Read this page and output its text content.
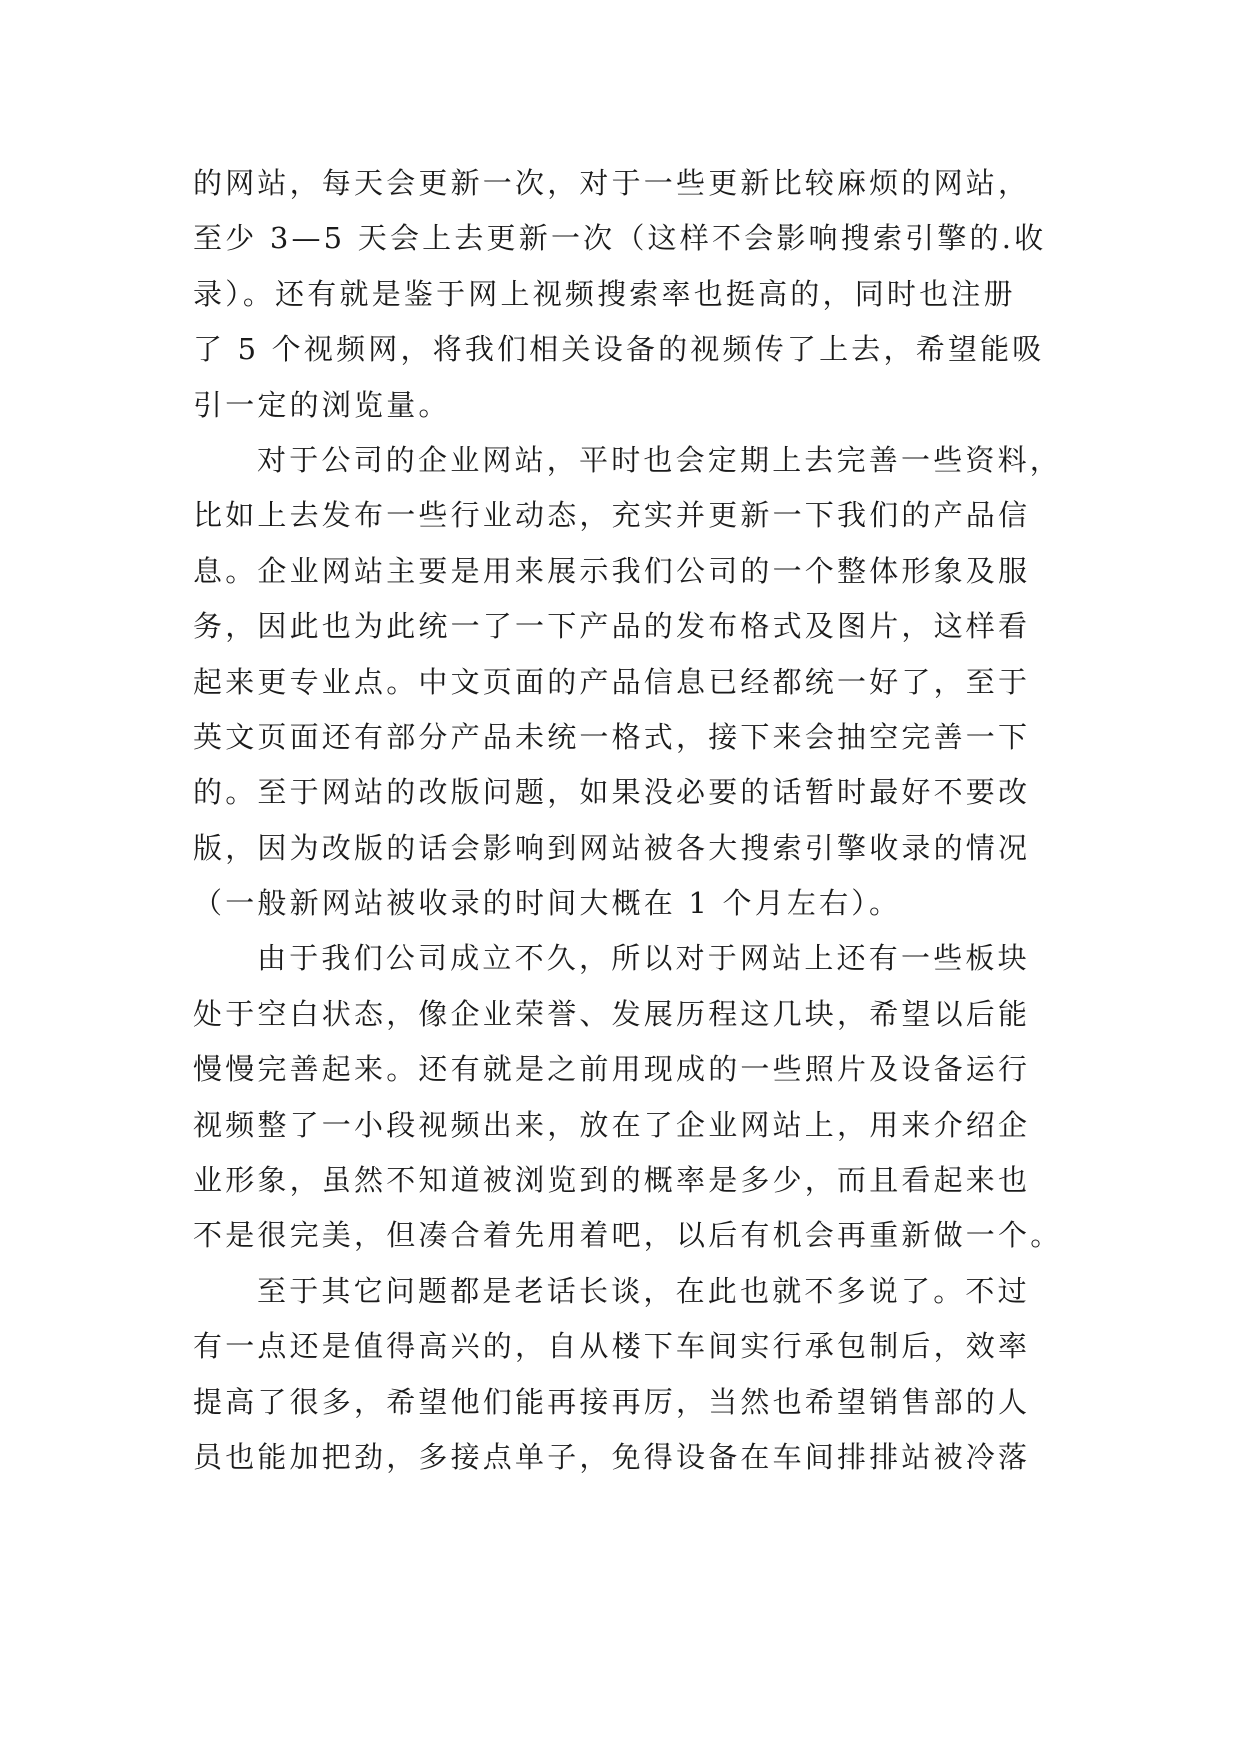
的网站，每天会更新一次，对于一些更新比较麻烦的网站，
至少 3—5 天会上去更新一次（这样不会影响搜索引擎的.收
录）。还有就是鉴于网上视频搜索率也挺高的，同时也注册
了 5 个视频网，将我们相关设备的视频传了上去，希望能吸
引一定的浏览量。
对于公司的企业网站，平时也会定期上去完善一些资料，
比如上去发布一些行业动态，充实并更新一下我们的产品信
息。企业网站主要是用来展示我们公司的一个整体形象及服
务，因此也为此统一了一下产品的发布格式及图片，这样看
起来更专业点。中文页面的产品信息已经都统一好了，至于
英文页面还有部分产品未统一格式，接下来会抽空完善一下
的。至于网站的改版问题，如果没必要的话暂时最好不要改
版，因为改版的话会影响到网站被各大搜索引擎收录的情况
（一般新网站被收录的时间大概在 1 个月左右）。
由于我们公司成立不久，所以对于网站上还有一些板块
处于空白状态，像企业荣誉、发展历程这几块，希望以后能
慢慢完善起来。还有就是之前用现成的一些照片及设备运行
视频整了一小段视频出来，放在了企业网站上，用来介绍企
业形象，虽然不知道被浏览到的概率是多少，而且看起来也
不是很完美，但凑合着先用着吧，以后有机会再重新做一个。
至于其它问题都是老话长谈，在此也就不多说了。不过
有一点还是值得高兴的，自从楼下车间实行承包制后，效率
提高了很多，希望他们能再接再厉，当然也希望销售部的人
员也能加把劲，多接点单子，免得设备在车间排排站被冷落
